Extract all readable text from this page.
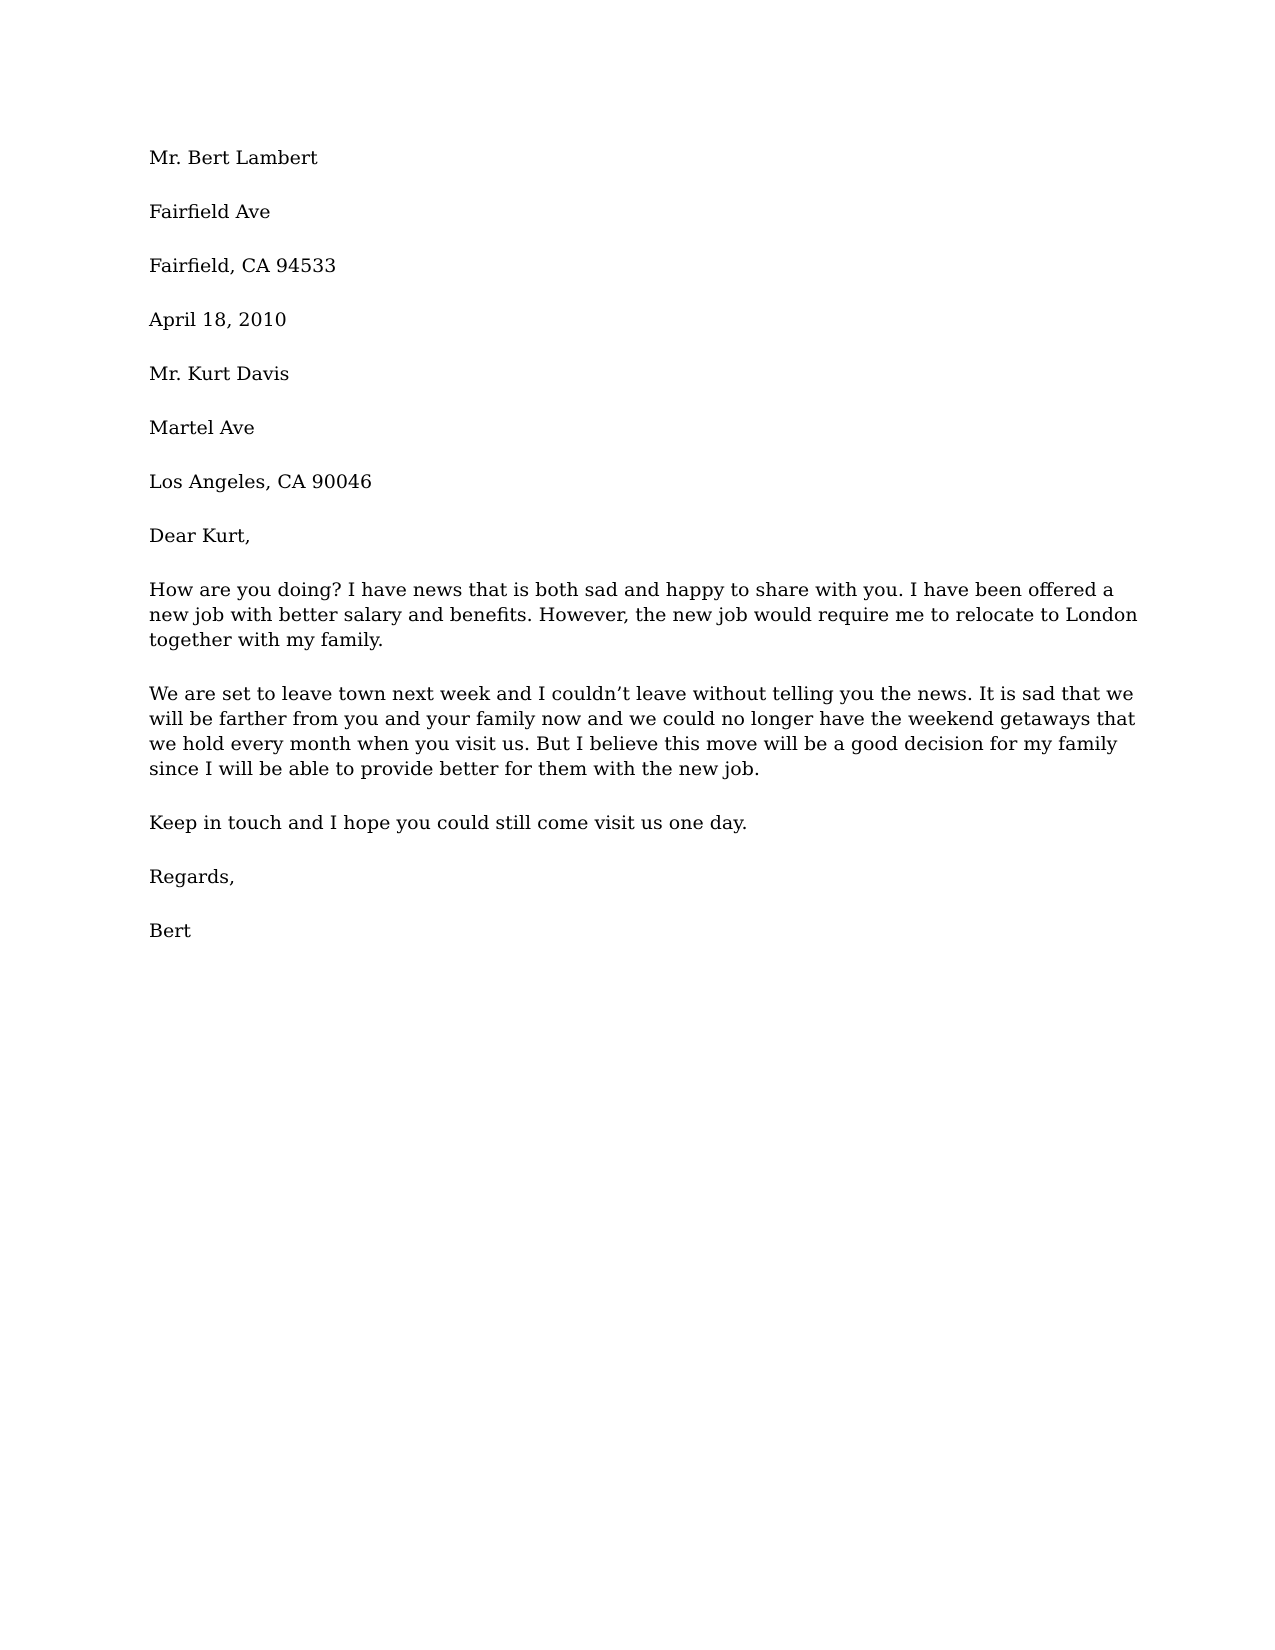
Mr. Bert Lambert
Fairfield Ave
Fairfield, CA 94533
April 18, 2010
Mr. Kurt Davis
Martel Ave
Los Angeles, CA 90046
Dear Kurt,
How are you doing? I have news that is both sad and happy to share with you. I have been offered a new job with better salary and benefits. However, the new job would require me to relocate to London together with my family.
We are set to leave town next week and I couldn’t leave without telling you the news. It is sad that we will be farther from you and your family now and we could no longer have the weekend getaways that we hold every month when you visit us. But I believe this move will be a good decision for my family since I will be able to provide better for them with the new job.
Keep in touch and I hope you could still come visit us one day.
Regards,
Bert
